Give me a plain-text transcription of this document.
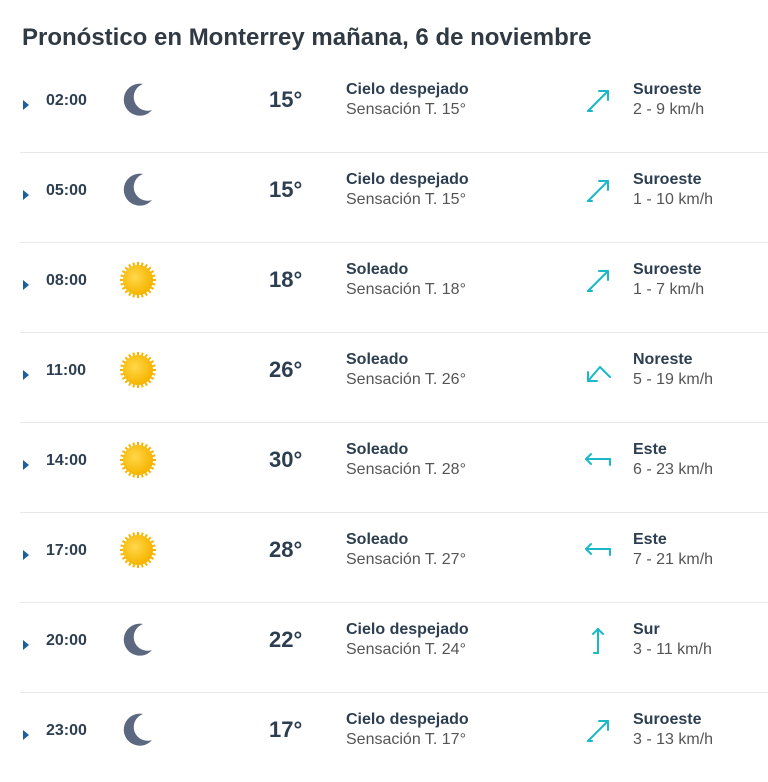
Pronóstico en Monterrey mañana, 6 de noviembre
02:00	15°	Cielo despejado
Sensación T. 15°
Suroeste
2 - 9 km/h
05:00	15°	Cielo despejado
Sensación T. 15°
Suroeste
1 - 10 km/h
08:00	18°	Soleado
Sensación T. 18°
Suroeste
1 - 7 km/h
11:00	26°	Soleado
Sensación T. 26°
Noreste
5 - 19 km/h
14:00	30°	Soleado
Sensación T. 28°
Este
6 - 23 km/h
17:00	28°	Soleado
Sensación T. 27°
Este
7 - 21 km/h
20:00	22°	Cielo despejado
Sensación T. 24°
Sur
3 - 11 km/h
23:00	17°	Cielo despejado
Sensación T. 17°
Suroeste
3 - 13 km/h
